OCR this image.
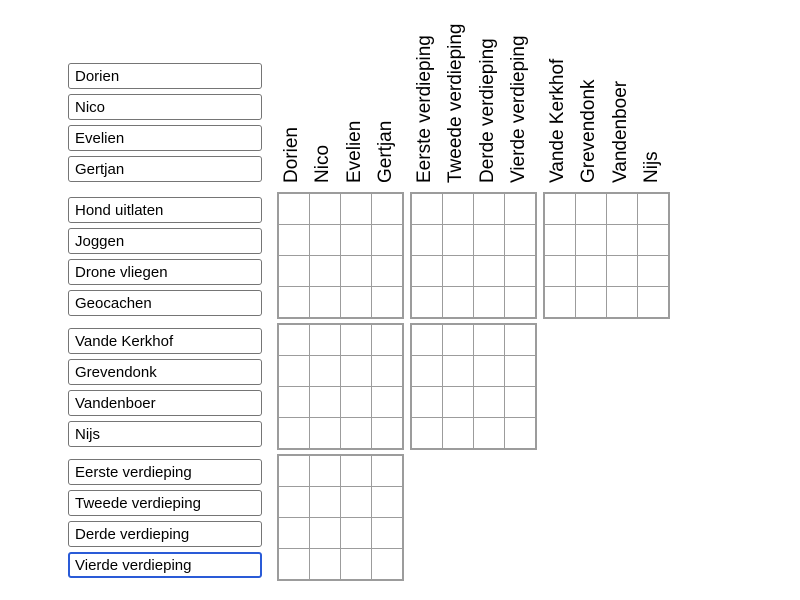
Dorien
Nico
Evelien
Gertjan
Hond uitlaten
Joggen
Drone vliegen
Geocachen
Vande Kerkhof
Grevendonk
Vandenboer
Nijs
Eerste verdieping
Tweede verdieping
Derde verdieping
Vierde verdieping
Dorien Nico Evelien Gertjan Eerste verdieping Tweede verdieping Derde verdieping Vierde verdieping Vande Kerkhof Grevendonk Vandenboer Nijs
